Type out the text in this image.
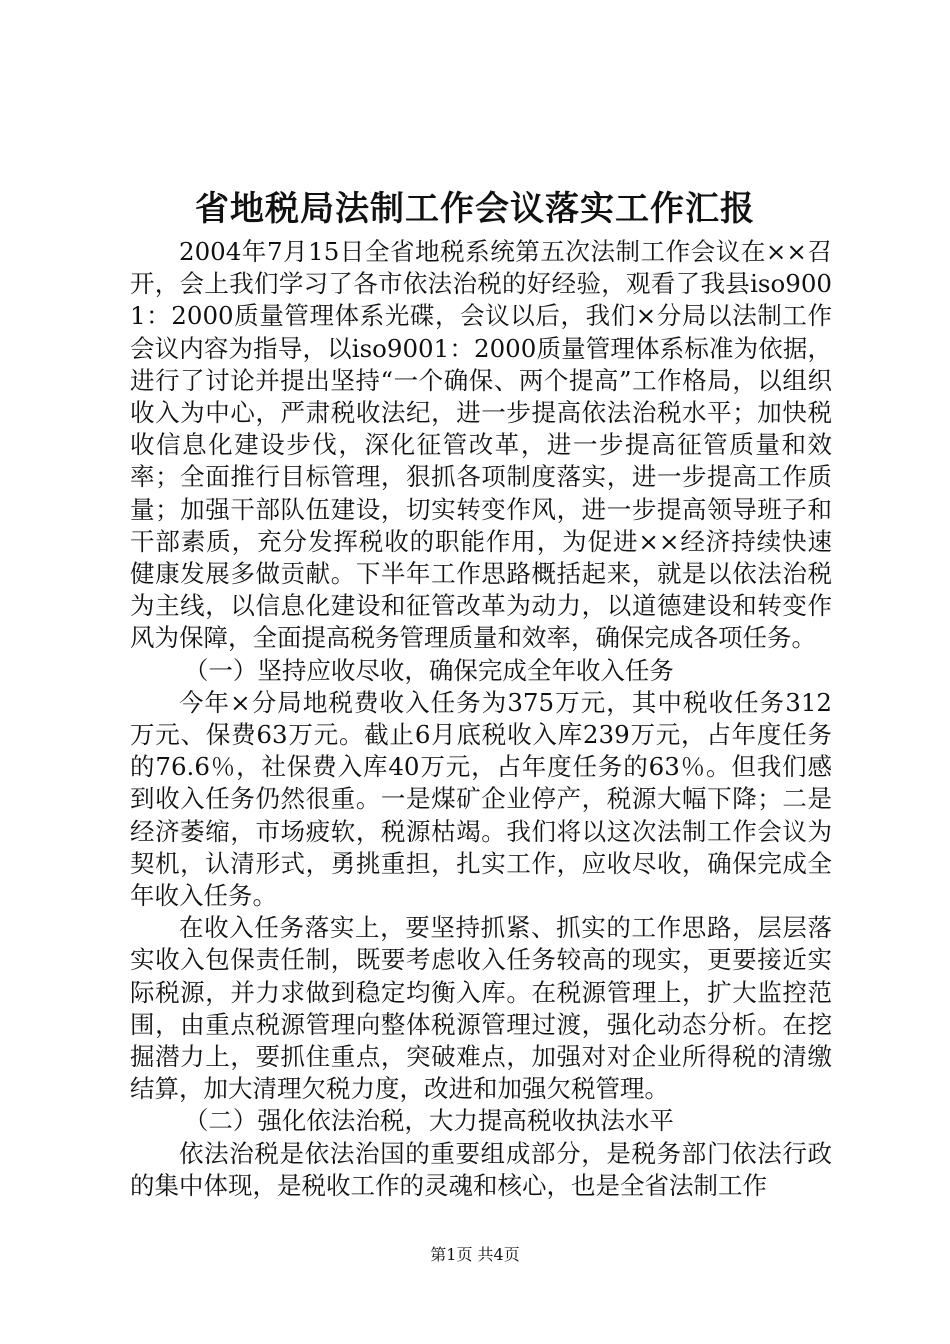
省地税局法制工作会议落实工作汇报

2004年7月15日全省地税系统第五次法制工作会议在××召开，会上我们学习了各市依法治税的好经验，观看了我县iso9001：2000质量管理体系光碟，会议以后，我们×分局以法制工作会议内容为指导，以iso9001：2000质量管理体系标准为依据，进行了讨论并提出坚持“一个确保、两个提高”工作格局，以组织收入为中心，严肃税收法纪，进一步提高依法治税水平；加快税收信息化建设步伐，深化征管改革，进一步提高征管质量和效率；全面推行目标管理，狠抓各项制度落实，进一步提高工作质量；加强干部队伍建设，切实转变作风，进一步提高领导班子和干部素质，充分发挥税收的职能作用，为促进××经济持续快速健康发展多做贡献。下半年工作思路概括起来，就是以依法治税为主线，以信息化建设和征管改革为动力，以道德建设和转变作风为保障，全面提高税务管理质量和效率，确保完成各项任务。

（一）坚持应收尽收，确保完成全年收入任务

今年×分局地税费收入任务为375万元，其中税收任务312万元、保费63万元。截止6月底税收入库239万元，占年度任务的76.6％，社保费入库40万元，占年度任务的63％。但我们感到收入任务仍然很重。一是煤矿企业停产，税源大幅下降；二是经济萎缩，市场疲软，税源枯竭。我们将以这次法制工作会议为契机，认清形式，勇挑重担，扎实工作，应收尽收，确保完成全年收入任务。

在收入任务落实上，要坚持抓紧、抓实的工作思路，层层落实收入包保责任制，既要考虑收入任务较高的现实，更要接近实际税源，并力求做到稳定均衡入库。在税源管理上，扩大监控范围，由重点税源管理向整体税源管理过渡，强化动态分析。在挖掘潜力上，要抓住重点，突破难点，加强对对企业所得税的清缴结算，加大清理欠税力度，改进和加强欠税管理。

（二）强化依法治税，大力提高税收执法水平

依法治税是依法治国的重要组成部分，是税务部门依法行政的集中体现，是税收工作的灵魂和核心，也是全省法制工作

第1页 共4页
